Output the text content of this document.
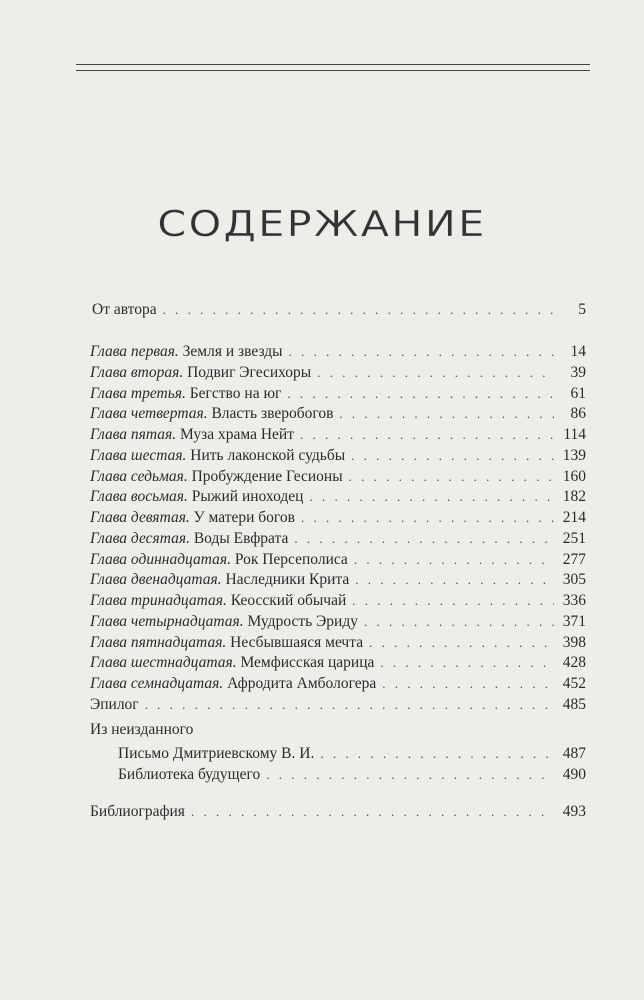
СОДЕРЖАНИЕ
От автора . . .	5
Глава первая. Земля и звезды . . .	14
Глава вторая. Подвиг Эгесихоры . . .	39
Глава третья. Бегство на юг . . .	61
Глава четвертая. Власть зверобогов . . .	86
Глава пятая. Муза храма Нейт . . .	114
Глава шестая. Нить лаконской судьбы . . .	139
Глава седьмая. Пробуждение Гесионы . . .	160
Глава восьмая. Рыжий иноходец . . .	182
Глава девятая. У матери богов . . .	214
Глава десятая. Воды Евфрата . . .	251
Глава одиннадцатая. Рок Персеполиса . . .	277
Глава двенадцатая. Наследники Крита . . .	305
Глава тринадцатая. Кеосский обычай . . .	336
Глава четырнадцатая. Мудрость Эриду . . .	371
Глава пятнадцатая. Несбывшаяся мечта . . .	398
Глава шестнадцатая. Мемфисская царица . . .	428
Глава семнадцатая. Афродита Амбологера . . .	452
Эпилог . . .	485
Из неизданного
Письмо Дмитриевскому В. И. . . .	487
Библиотека будущего . . .	490
Библиография . . .	493
